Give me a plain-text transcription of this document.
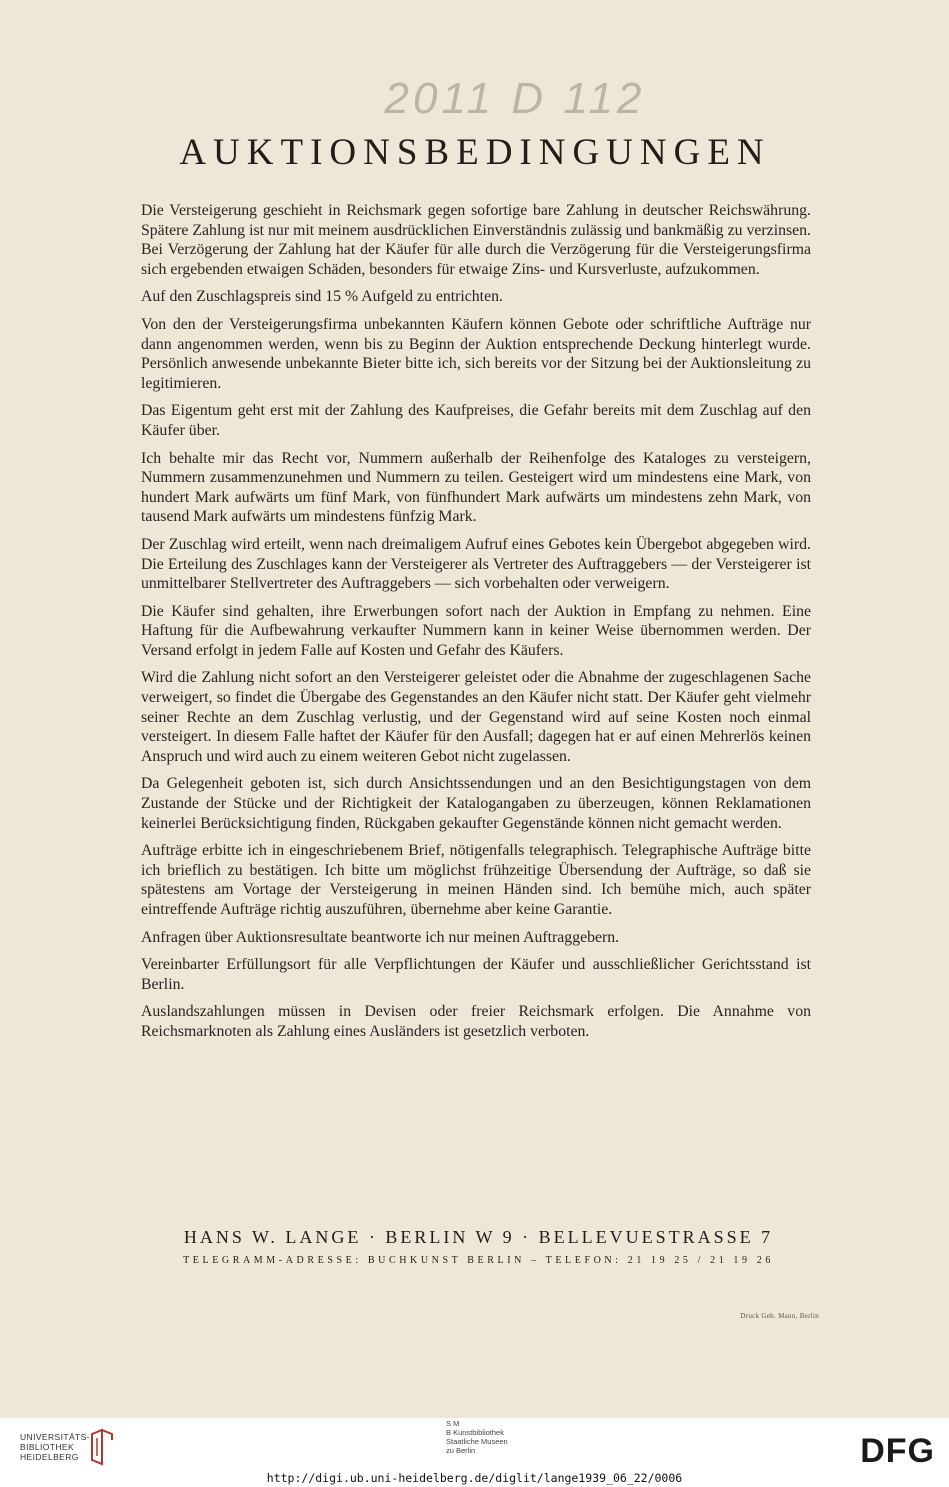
2011 D 112
AUKTIONSBEDINGUNGEN

Die Versteigerung geschieht in Reichsmark gegen sofortige bare Zahlung in deutscher Reichswährung. Spätere Zahlung ist nur mit meinem ausdrücklichen Einverständnis zulässig und bankmäßig zu verzinsen. Bei Verzögerung der Zahlung hat der Käufer für alle durch die Verzögerung für die Versteigerungsfirma sich ergebenden etwaigen Schäden, besonders für etwaige Zins- und Kursverluste, aufzukommen.

Auf den Zuschlagspreis sind 15 % Aufgeld zu entrichten.

Von den der Versteigerungsfirma unbekannten Käufern können Gebote oder schriftliche Aufträge nur dann angenommen werden, wenn bis zu Beginn der Auktion entsprechende Deckung hinterlegt wurde. Persönlich anwesende unbekannte Bieter bitte ich, sich bereits vor der Sitzung bei der Auktionsleitung zu legitimieren.

Das Eigentum geht erst mit der Zahlung des Kaufpreises, die Gefahr bereits mit dem Zuschlag auf den Käufer über.

Ich behalte mir das Recht vor, Nummern außerhalb der Reihenfolge des Kataloges zu versteigern, Nummern zusammenzunehmen und Nummern zu teilen. Gesteigert wird um mindestens eine Mark, von hundert Mark aufwärts um fünf Mark, von fünfhundert Mark aufwärts um mindestens zehn Mark, von tausend Mark aufwärts um mindestens fünfzig Mark.

Der Zuschlag wird erteilt, wenn nach dreimaligem Aufruf eines Gebotes kein Übergebot abgegeben wird. Die Erteilung des Zuschlages kann der Versteigerer als Vertreter des Auftraggebers — der Versteigerer ist unmittelbarer Stellvertreter des Auftraggebers — sich vorbehalten oder verweigern.

Die Käufer sind gehalten, ihre Erwerbungen sofort nach der Auktion in Empfang zu nehmen. Eine Haftung für die Aufbewahrung verkaufter Nummern kann in keiner Weise übernommen werden. Der Versand erfolgt in jedem Falle auf Kosten und Gefahr des Käufers.

Wird die Zahlung nicht sofort an den Versteigerer geleistet oder die Abnahme der zugeschlagenen Sache verweigert, so findet die Übergabe des Gegenstandes an den Käufer nicht statt. Der Käufer geht vielmehr seiner Rechte an dem Zuschlag verlustig, und der Gegenstand wird auf seine Kosten noch einmal versteigert. In diesem Falle haftet der Käufer für den Ausfall; dagegen hat er auf einen Mehrerlös keinen Anspruch und wird auch zu einem weiteren Gebot nicht zugelassen.

Da Gelegenheit geboten ist, sich durch Ansichtssendungen und an den Besichtigungstagen von dem Zustande der Stücke und der Richtigkeit der Katalogangaben zu überzeugen, können Reklamationen keinerlei Berücksichtigung finden, Rückgaben gekaufter Gegenstände können nicht gemacht werden.

Aufträge erbitte ich in eingeschriebenem Brief, nötigenfalls telegraphisch. Telegraphische Aufträge bitte ich brieflich zu bestätigen. Ich bitte um möglichst frühzeitige Übersendung der Aufträge, so daß sie spätestens am Vortage der Versteigerung in meinen Händen sind. Ich bemühe mich, auch später eintreffende Aufträge richtig auszuführen, übernehme aber keine Garantie.

Anfragen über Auktionsresultate beantworte ich nur meinen Auftraggebern.

Vereinbarter Erfüllungsort für alle Verpflichtungen der Käufer und ausschließlicher Gerichtsstand ist Berlin.

Auslandszahlungen müssen in Devisen oder freier Reichsmark erfolgen. Die Annahme von Reichsmarknoten als Zahlung eines Ausländers ist gesetzlich verboten.

HANS W. LANGE · BERLIN W 9 · BELLEVUESTRASSE 7
TELEGRAMM-ADRESSE: BUCHKUNST BERLIN – TELEFON: 21 19 25 / 21 19 26
Druck Geb. Mann, Berlin
UNIVERSITÄTS-
BIBLIOTHEK
HEIDELBERG
S M
B Kunstbibliothek
Staatliche Museen
zu Berlin	DFG
http://digi.ub.uni-heidelberg.de/diglit/lange1939_06_22/0006
